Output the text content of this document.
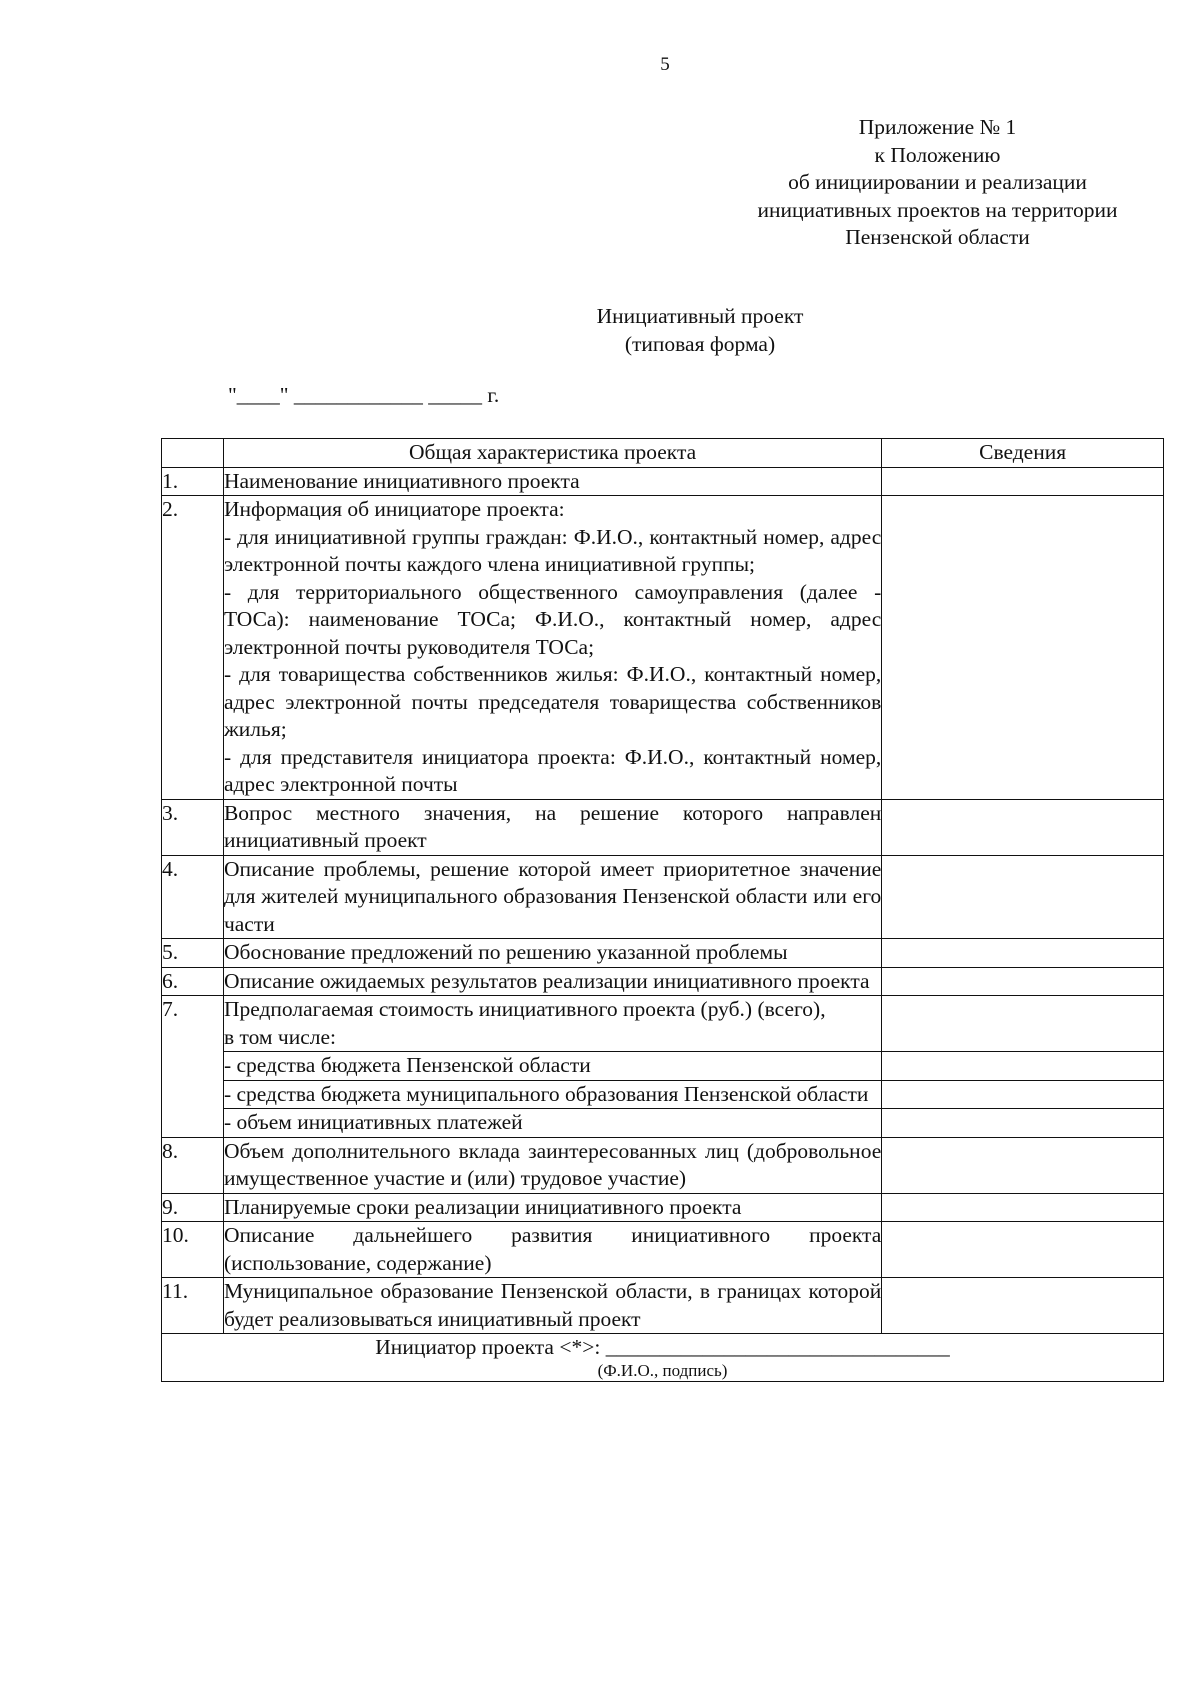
5
Приложение № 1
к Положению
об инициировании и реализации
инициативных проектов на территории
Пензенской области
Инициативный проект
(типовая форма)
"____" ____________ _____ г.
	Общая характеристика проекта	Сведения
1.	Наименование инициативного проекта	
2.	Информация об инициаторе проекта:
- для инициативной группы граждан: Ф.И.О., контактный номер, адрес электронной почты каждого члена инициативной группы;
- для территориального общественного самоуправления (далее - ТОСа): наименование ТОСа; Ф.И.О., контактный номер, адрес электронной почты руководителя ТОСа;
- для товарищества собственников жилья: Ф.И.О., контактный номер, адрес электронной почты председателя товарищества собственников жилья;
- для представителя инициатора проекта: Ф.И.О., контактный номер, адрес электронной почты	

3.	Вопрос местного значения, на решение которого направлен инициативный проект	

4.	Описание проблемы, решение которой имеет приоритетное значение для жителей муниципального образования Пензенской области или его части	

5.	Обоснование предложений по решению указанной проблемы	

6.	Описание ожидаемых результатов реализации инициативного проекта	

7.	Предполагаемая стоимость инициативного проекта (руб.) (всего),
в том числе:	

	- средства бюджета Пензенской области	

	- средства бюджета муниципального образования Пензенской области	

	- объем инициативных платежей	

8.	Объем дополнительного вклада заинтересованных лиц (добровольное имущественное участие и (или) трудовое участие)	

9.	Планируемые сроки реализации инициативного проекта	

10.	Описание дальнейшего развития инициативного проекта (использование, содержание)	

11.	Муниципальное образование Пензенской области, в границах которой будет реализовываться инициативный проект	

Инициатор проекта <*>: ________________________________
(Ф.И.О., подпись)		
